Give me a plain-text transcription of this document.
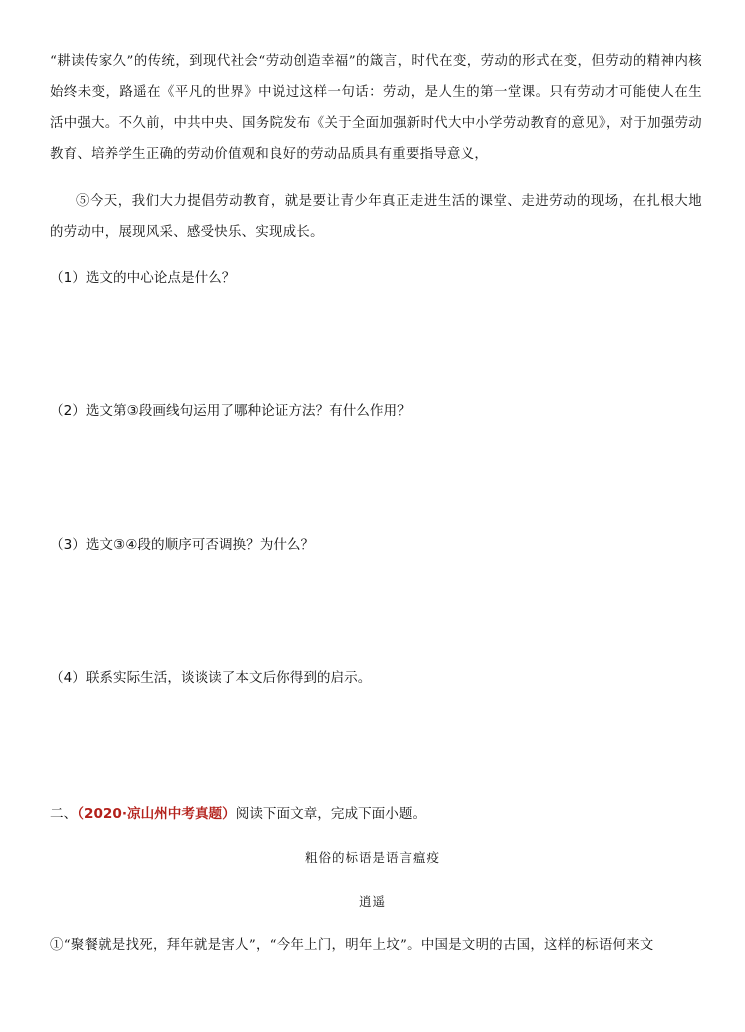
“耕读传家久”的传统，到现代社会“劳动创造幸福”的箴言，时代在变，劳动的形式在变，但劳动的精神内核始终未变，路遥在《平凡的世界》中说过这样一句话：劳动，是人生的第一堂课。只有劳动才可能使人在生活中强大。不久前，中共中央、国务院发布《关于全面加强新时代大中小学劳动教育的意见》，对于加强劳动教育、培养学生正确的劳动价值观和良好的劳动品质具有重要指导意义，
⑤今天，我们大力提倡劳动教育，就是要让青少年真正走进生活的课堂、走进劳动的现场，在扎根大地的劳动中，展现风采、感受快乐、实现成长。
（1）选文的中心论点是什么？
（2）选文第③段画线句运用了哪种论证方法？有什么作用？
（3）选文③④段的顺序可否调换？为什么？
（4）联系实际生活，谈谈读了本文后你得到的启示。
二、（2020·凉山州中考真题）阅读下面文章，完成下面小题。
粗俗的标语是语言瘟疫
逍遥
①“聚餐就是找死，拜年就是害人”，“今年上门，明年上坟”。中国是文明的古国，这样的标语何来文
